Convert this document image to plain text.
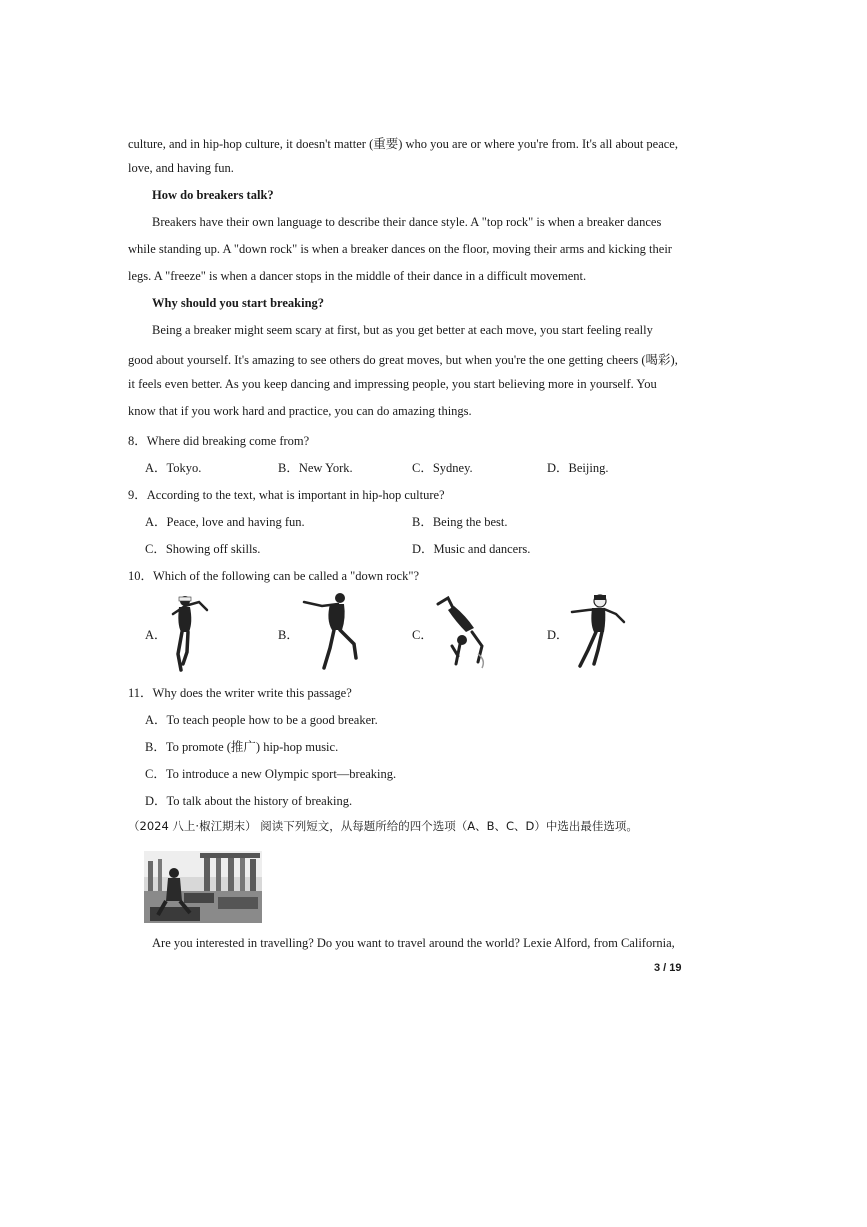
culture, and in hip-hop culture, it doesn't matter (重要) who you are or where you're from. It's all about peace,
love, and having fun.
How do breakers talk?
Breakers have their own language to describe their dance style. A "top rock" is when a breaker dances
while standing up. A "down rock" is when a breaker dances on the floor, moving their arms and kicking their
legs. A "freeze" is when a dancer stops in the middle of their dance in a difficult movement.
Why should you start breaking?
Being a breaker might seem scary at first, but as you get better at each move, you start feeling really
good about yourself. It's amazing to see others do great moves, but when you're the one getting cheers (喝彩),
it feels even better. As you keep dancing and impressing people, you start believing more in yourself. You
know that if you work hard and practice, you can do amazing things.
8．Where did breaking come from?
A．Tokyo.	B．New York.	C．Sydney.	D．Beijing.
9．According to the text, what is important in hip-hop culture?
A．Peace, love and having fun.	B．Being the best.
C．Showing off skills.	D．Music and dancers.
10．Which of the following can be called a "down rock"?
A．	B．	C．	D．
11．Why does the writer write this passage?
A．To teach people how to be a good breaker.
B．To promote (推广) hip-hop music.
C．To introduce a new Olympic sport—breaking.
D．To talk about the history of breaking.
（2024 八上·椒江期末） 阅读下列短文，从每题所给的四个选项（A、B、C、D）中选出最佳选项。
Are you interested in travelling? Do you want to travel around the world? Lexie Alford, from California,
3 / 19
